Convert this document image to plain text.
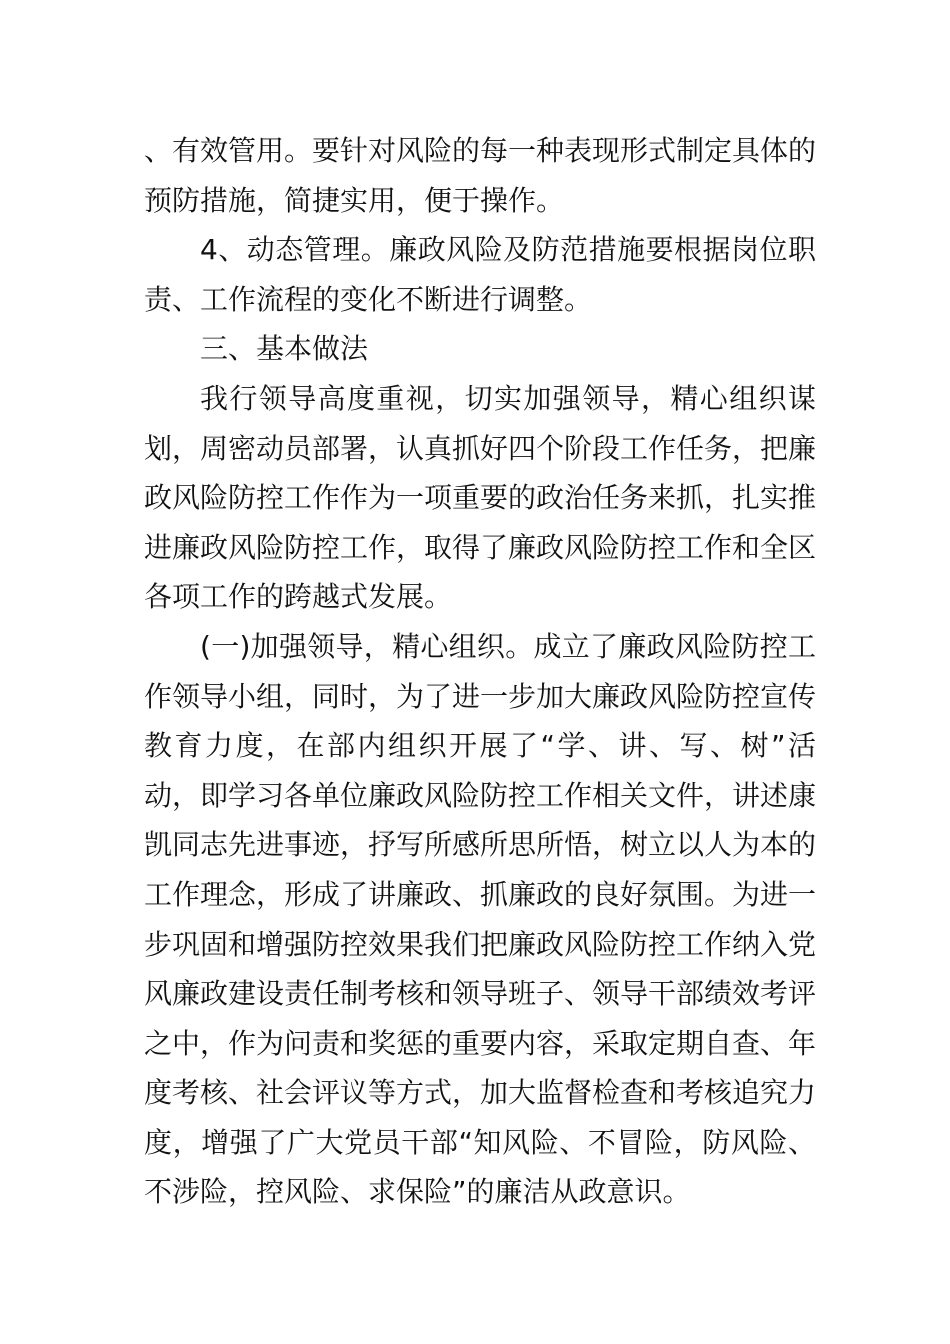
、有效管用。要针对风险的每一种表现形式制定具体的预防措施，简捷实用，便于操作。

4、动态管理。廉政风险及防范措施要根据岗位职责、工作流程的变化不断进行调整。

三、基本做法

我行领导高度重视，切实加强领导，精心组织谋划，周密动员部署，认真抓好四个阶段工作任务，把廉政风险防控工作作为一项重要的政治任务来抓，扎实推进廉政风险防控工作，取得了廉政风险防控工作和全区各项工作的跨越式发展。

(一)加强领导，精心组织。成立了廉政风险防控工作领导小组，同时，为了进一步加大廉政风险防控宣传教育力度，在部内组织开展了“学、讲、写、树”活动，即学习各单位廉政风险防控工作相关文件，讲述康凯同志先进事迹，抒写所感所思所悟，树立以人为本的工作理念，形成了讲廉政、抓廉政的良好氛围。为进一步巩固和增强防控效果我们把廉政风险防控工作纳入党风廉政建设责任制考核和领导班子、领导干部绩效考评之中，作为问责和奖惩的重要内容，采取定期自查、年度考核、社会评议等方式，加大监督检查和考核追究力度，增强了广大党员干部“知风险、不冒险，防风险、不涉险，控风险、求保险”的廉洁从政意识。
